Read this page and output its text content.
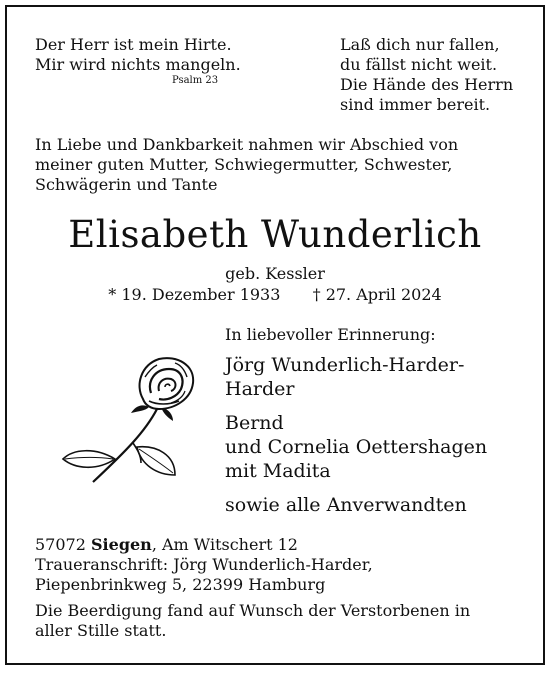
Der Herr ist mein Hirte.
Mir wird nichts mangeln.
Psalm 23
Laß dich nur fallen,
du fällst nicht weit.
Die Hände des Herrn
sind immer bereit.
In Liebe und Dankbarkeit nahmen wir Abschied von
meiner guten Mutter, Schwiegermutter, Schwester,
Schwägerin und Tante
Elisabeth Wunderlich
geb. Kessler
* 19. Dezember 1933 † 27. April 2024
In liebevoller Erinnerung:
Jörg Wunderlich-Harder-
Harder
Bernd
und Cornelia Oettershagen
mit Madita
sowie alle Anverwandten
57072 Siegen, Am Witschert 12
Traueranschrift: Jörg Wunderlich-Harder,
Piepenbrinkweg 5, 22399 Hamburg
Die Beerdigung fand auf Wunsch der Verstorbenen in
aller Stille statt.
